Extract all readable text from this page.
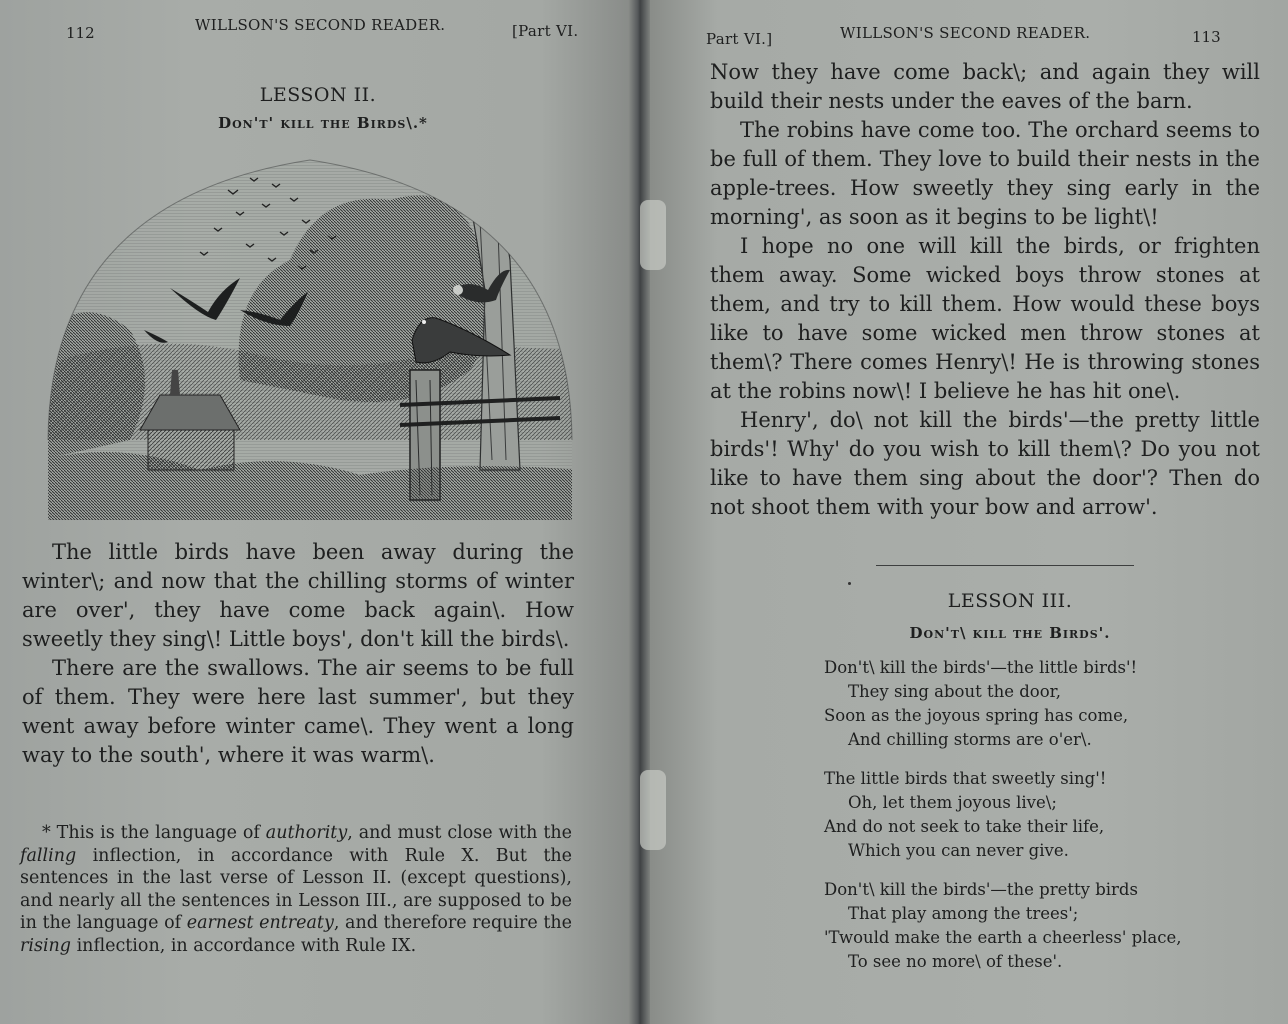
112	WILLSON'S SECOND READER.	[Part VI.
LESSON II.
Don't' kill the Birds\.*

The little birds have been away during the winter\; and now that the chilling storms of winter are over', they have come back again\. How sweetly they sing\! Little boys', don't kill the birds\.

There are the swallows. The air seems to be full of them. They were here last summer', but they went away before winter came\. They went a long way to the south', where it was warm\.

* This is the language of authority, and must close with the falling inflection, in accordance with Rule X. But the sentences in the last verse of Lesson II. (except questions), and nearly all the sentences in Lesson III., are supposed to be in the language of earnest entreaty, and therefore require the rising inflection, in accordance with Rule IX.

Part VI.]	WILLSON'S SECOND READER.	113

Now they have come back\; and again they will build their nests under the eaves of the barn.

The robins have come too. The orchard seems to be full of them. They love to build their nests in the apple-trees. How sweetly they sing early in the morning', as soon as it begins to be light\!

I hope no one will kill the birds, or frighten them away. Some wicked boys throw stones at them, and try to kill them. How would these boys like to have some wicked men throw stones at them\? There comes Henry\! He is throwing stones at the robins now\! I believe he has hit one\.

Henry', do\ not kill the birds'—the pretty little birds'! Why' do you wish to kill them\? Do you not like to have them sing about the door'? Then do not shoot them with your bow and arrow'.

LESSON III.
Don't\ kill the Birds'.
Don't\ kill the birds'—the little birds'!
They sing about the door,
Soon as the joyous spring has come,
And chilling storms are o'er\.
The little birds that sweetly sing'!
Oh, let them joyous live\;
And do not seek to take their life,
Which you can never give.
Don't\ kill the birds'—the pretty birds
That play among the trees';
'Twould make the earth a cheerless' place,
To see no more\ of these'.
